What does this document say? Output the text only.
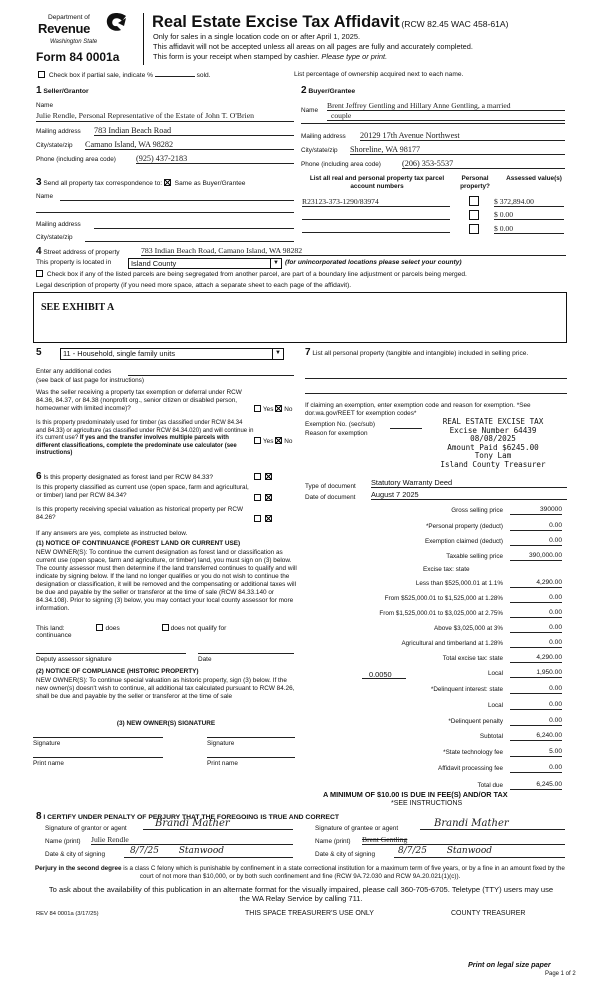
Department of
Revenue
Washington State
Form 84 0001a
Real Estate Excise Tax Affidavit (RCW 82.45 WAC 458-61A)
Only for sales in a single location code on or after April 1, 2025.
This affidavit will not be accepted unless all areas on all pages are fully and accurately completed.
This form is your receipt when stamped by cashier. Please type or print.
Check box if partial sale, indicate %	sold.	List percentage of ownership acquired next to each name.
1 Seller/Grantor
Name
Julie Rendle, Personal Representative of the Estate of John T. O'Brien
Mailing address 783 Indian Beach Road
City/state/zip Camano Island, WA 98282
Phone (including area code) (925) 437-2183
2 Buyer/Grantee
Name
Brent Jeffrey Gentling and Hillary Anne Gentling, a married
couple
Mailing address 20129 17th Avenue Northwest
City/state/zip Shoreline, WA 98177
Phone (including area code)	(206) 353-5537
3 Send all property tax correspondence to: Same as Buyer/Grantee
Name
Mailing address
City/state/zip
List all real and personal property tax parcel account numbers
Personal property?
Assessed value(s)
R23123-373-1290/83974	$ 372,894.00
$ 0.00
$ 0.00
4 Street address of property	783 Indian Beach Road, Camano Island, WA 98282
This property is located in	Island County	▼ (for unincorporated locations please select your county)
Check box if any of the listed parcels are being segregated from another parcel, are part of a boundary line adjustment or parcels being merged.
Legal description of property (if you need more space, attach a separate sheet to each page of the affidavit).
SEE EXHIBIT A
5	11 - Household, single family units	▼
Enter any additional codes
(see back of last page for instructions)
Was the seller receiving a property tax exemption or deferral under RCW 84.36, 84.37, or 84.38 (nonprofit org., senior citizen or disabled person, homeowner with limited income)?	Yes No
Is this property predominately used for timber (as classified under RCW 84.34 and 84.33) or agriculture (as classified under RCW 84.34.020) and will continue in it's current use? If yes and the transfer involves multiple parcels with different classifications, complete the predominate use calculator (see instructions)
Yes No
6 Is this property designated as forest land per RCW 84.33?

Is this property classified as current use (open space, farm and agricultural, or timber) land per RCW 84.34?

Is this property receiving special valuation as historical property per RCW 84.26?

If any answers are yes, complete as instructed below.
(1) NOTICE OF CONTINUANCE (FOREST LAND OR CURRENT USE)
NEW OWNER(S): To continue the current designation as forest land or classification as current use (open space, farm and agriculture, or timber) land, you must sign on (3) below. The county assessor must then determine if the land transferred continues to qualify and will indicate by signing below. If the land no longer qualifies or you do not wish to continue the designation or classification, it will be removed and the compensating or additional taxes will be due and payable by the seller or transferor at the time of sale (RCW 84.33.140 or 84.34.108). Prior to signing (3) below, you may contact your local county assessor for more information.
This land:	does	does not qualify for
continuance
Deputy assessor signature	Date
(2) NOTICE OF COMPLIANCE (HISTORIC PROPERTY)
NEW OWNER(S): To continue special valuation as historic property, sign (3) below. If the new owner(s) doesn't wish to continue, all additional tax calculated pursuant to RCW 84.26, shall be due and payable by the seller or transferor at the time of sale
(3) NEW OWNER(S) SIGNATURE
Signature	Signature
Print name	Print name
7 List all personal property (tangible and intangible) included in selling price.
If claiming an exemption, enter exemption code and reason for exemption. *See dor.wa.gov/REET for exemption codes*
Exemption No. (sec/sub)
Reason for exemption
REAL ESTATE EXCISE TAX
Excise Number 64439
08/08/2025
Amount Paid $6245.00
Tony Lam
Island County Treasurer
Type of document Statutory Warranty Deed
Date of document August 7 2025
Gross selling price	390000
*Personal property (deduct)	0.00
Exemption claimed (deduct)	0.00
Taxable selling price	390,000.00
Excise tax: state
Less than $525,000.01 at 1.1%	4,290.00
From $525,000.01 to $1,525,000 at 1.28%	0.00
From $1,525,000.01 to $3,025,000 at 2.75%	0.00
Above $3,025,000 at 3%	0.00
Agricultural and timberland at 1.28%	0.00
Total excise tax: state	4,290.00
0.0050	Local	1,950.00
*Delinquent interest: state	0.00
Local	0.00
*Delinquent penalty	0.00
Subtotal	6,240.00
*State technology fee	5.00
Affidavit processing fee	0.00
Total due	6,245.00
A MINIMUM OF $10.00 IS DUE IN FEE(S) AND/OR TAX
*SEE INSTRUCTIONS
8 I CERTIFY UNDER PENALTY OF PERJURY THAT THE FOREGOING IS TRUE AND CORRECT
Signature of grantor or agent	Brandi Mather
Name (print) Julie Rendle
Date & city of signing	8/7/25 Stanwood
Signature of grantee or agent	Brandi Mather
Name (print) Brent Gentling
Date & city of signing	8/7/25 Stanwood
Perjury in the second degree is a class C felony which is punishable by confinement in a state correctional institution for a maximum term of five years, or by a fine in an amount fixed by the court of not more than $10,000, or by both such confinement and fine (RCW 9A.72.030 and RCW 9A.20.021(1)(c)).
To ask about the availability of this publication in an alternate format for the visually impaired, please call 360-705-6705. Teletype (TTY) users may use the WA Relay Service by calling 711.
REV 84 0001a (3/17/25)	THIS SPACE TREASURER'S USE ONLY	COUNTY TREASURER
Print on legal size paper
Page 1 of 2
